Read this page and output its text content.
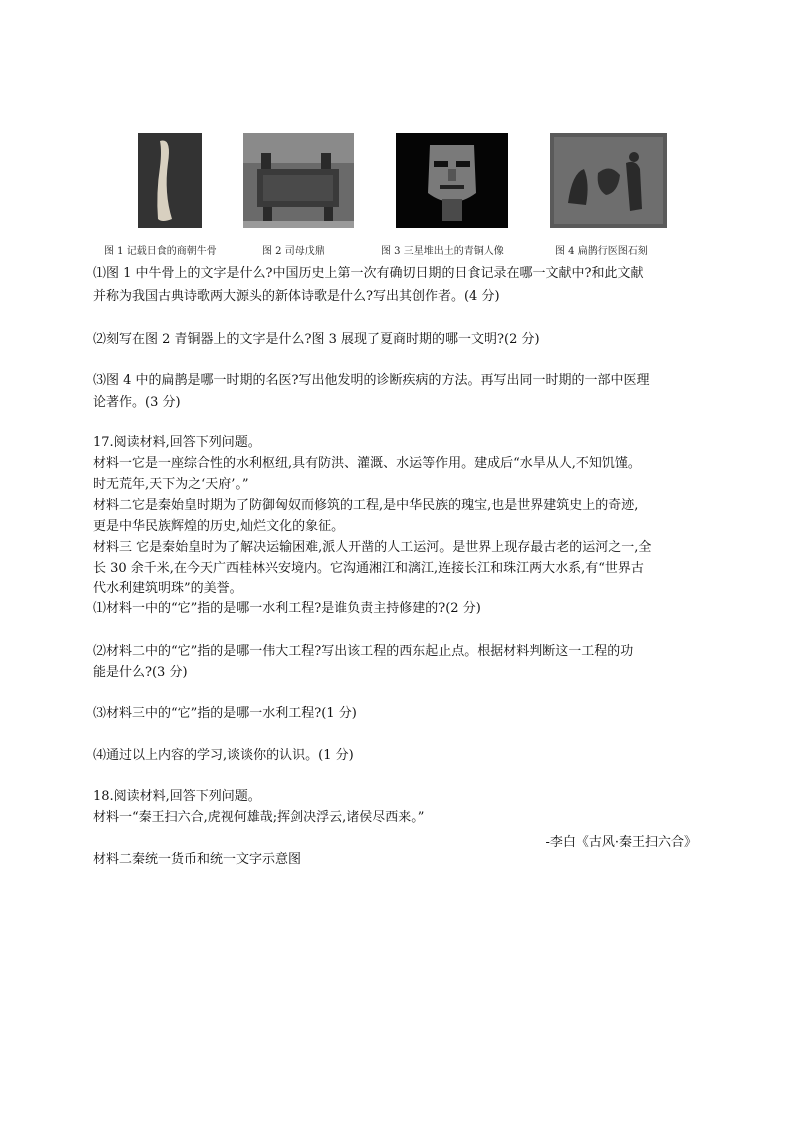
图 1 记载日食的商朝牛骨	图 2 司母戊鼎	图 3 三星堆出土的青铜人像	图 4 扁鹊行医图石刻
⑴图 1 中牛骨上的文字是什么?中国历史上第一次有确切日期的日食记录在哪一文献中?和此文献
并称为我国古典诗歌两大源头的新体诗歌是什么?写出其创作者。(4 分)
⑵刻写在图 2 青铜器上的文字是什么?图 3 展现了夏商时期的哪一文明?(2 分)
⑶图 4 中的扁鹊是哪一时期的名医?写出他发明的诊断疾病的方法。再写出同一时期的一部中医理
论著作。(3 分)
17.阅读材料,回答下列问题。
材料一它是一座综合性的水利枢纽,具有防洪、灌溉、水运等作用。建成后“水旱从人,不知饥馑。
时无荒年,天下为之‘天府’。”
材料二它是秦始皇时期为了防御匈奴而修筑的工程,是中华民族的瑰宝,也是世界建筑史上的奇迹,
更是中华民族辉煌的历史,灿烂文化的象征。
材料三 它是秦始皇时为了解决运输困难,派人开凿的人工运河。是世界上现存最古老的运河之一,全
长 30 余千米,在今天广西桂林兴安境内。它沟通湘江和漓江,连接长江和珠江两大水系,有“世界古
代水利建筑明珠”的美誉。
⑴材料一中的“它”指的是哪一水利工程?是谁负责主持修建的?(2 分)
⑵材料二中的“它”指的是哪一伟大工程?写出该工程的西东起止点。根据材料判断这一工程的功
能是什么?(3 分)
⑶材料三中的“它”指的是哪一水利工程?(1 分)
⑷通过以上内容的学习,谈谈你的认识。(1 分)
18.阅读材料,回答下列问题。
材料一“秦王扫六合,虎视何雄哉;挥剑决浮云,诸侯尽西来。”
-李白《古风·秦王扫六合》
材料二秦统一货币和统一文字示意图
